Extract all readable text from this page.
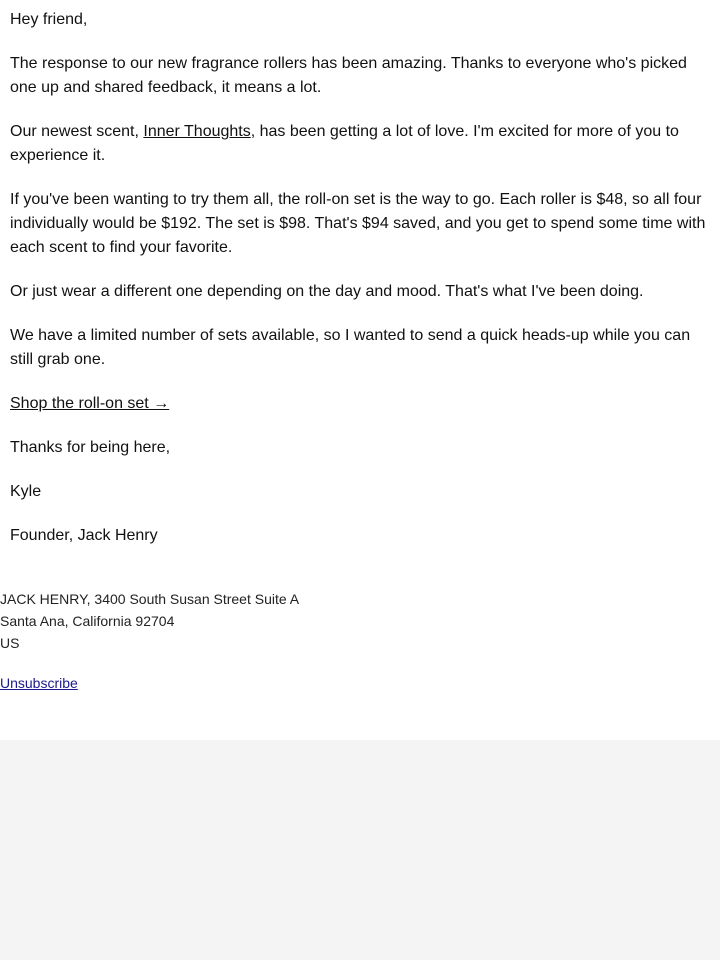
Hey friend,

The response to our new fragrance rollers has been amazing. Thanks to everyone who's picked one up and shared feedback, it means a lot.

Our newest scent, Inner Thoughts, has been getting a lot of love. I'm excited for more of you to experience it.

If you've been wanting to try them all, the roll-on set is the way to go. Each roller is $48, so all four individually would be $192. The set is $98. That's $94 saved, and you get to spend some time with each scent to find your favorite.

Or just wear a different one depending on the day and mood. That's what I've been doing.

We have a limited number of sets available, so I wanted to send a quick heads-up while you can still grab one.

Shop the roll-on set →

Thanks for being here,

Kyle

Founder, Jack Henry

JACK HENRY, 3400 South Susan Street Suite A
Santa Ana, California 92704
US
Unsubscribe
